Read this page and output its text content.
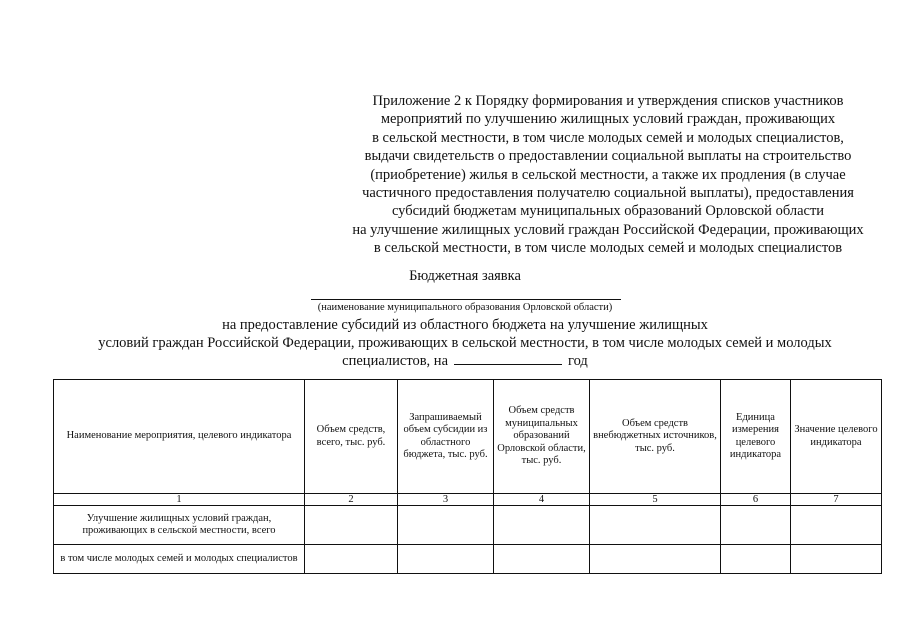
Приложение 2 к Порядку формирования и утверждения списков участников
мероприятий по улучшению жилищных условий граждан, проживающих
в сельской местности, в том числе молодых семей и молодых специалистов,
выдачи свидетельств о предоставлении социальной выплаты на строительство
(приобретение) жилья в сельской местности, а также их продления (в случае
частичного предоставления получателю социальной выплаты), предоставления
субсидий бюджетам муниципальных образований Орловской области
на улучшение жилищных условий граждан Российской Федерации, проживающих
в сельской местности, в том числе молодых семей и молодых специалистов
Бюджетная заявка
(наименование муниципального образования Орловской области)
на предоставление субсидий из областного бюджета на улучшение жилищных
условий граждан Российской Федерации, проживающих в сельской местности, в том числе молодых семей и молодых
специалистов, на	год
Наименование мероприятия, целевого индикатора	Объем средств, всего, тыс. руб.	Запрашиваемый объем субсидии из областного бюджета, тыс. руб.	Объем средств муниципальных образований Орловской области, тыс. руб.	Объем средств внебюджетных источников, тыс. руб.	Единица измерения целевого индикатора	Значение целевого индикатора
1	2	3	4	5	6	7
Улучшение жилищных условий граждан, проживающих в сельской местности, всего						
в том числе молодых семей и молодых специалистов						
